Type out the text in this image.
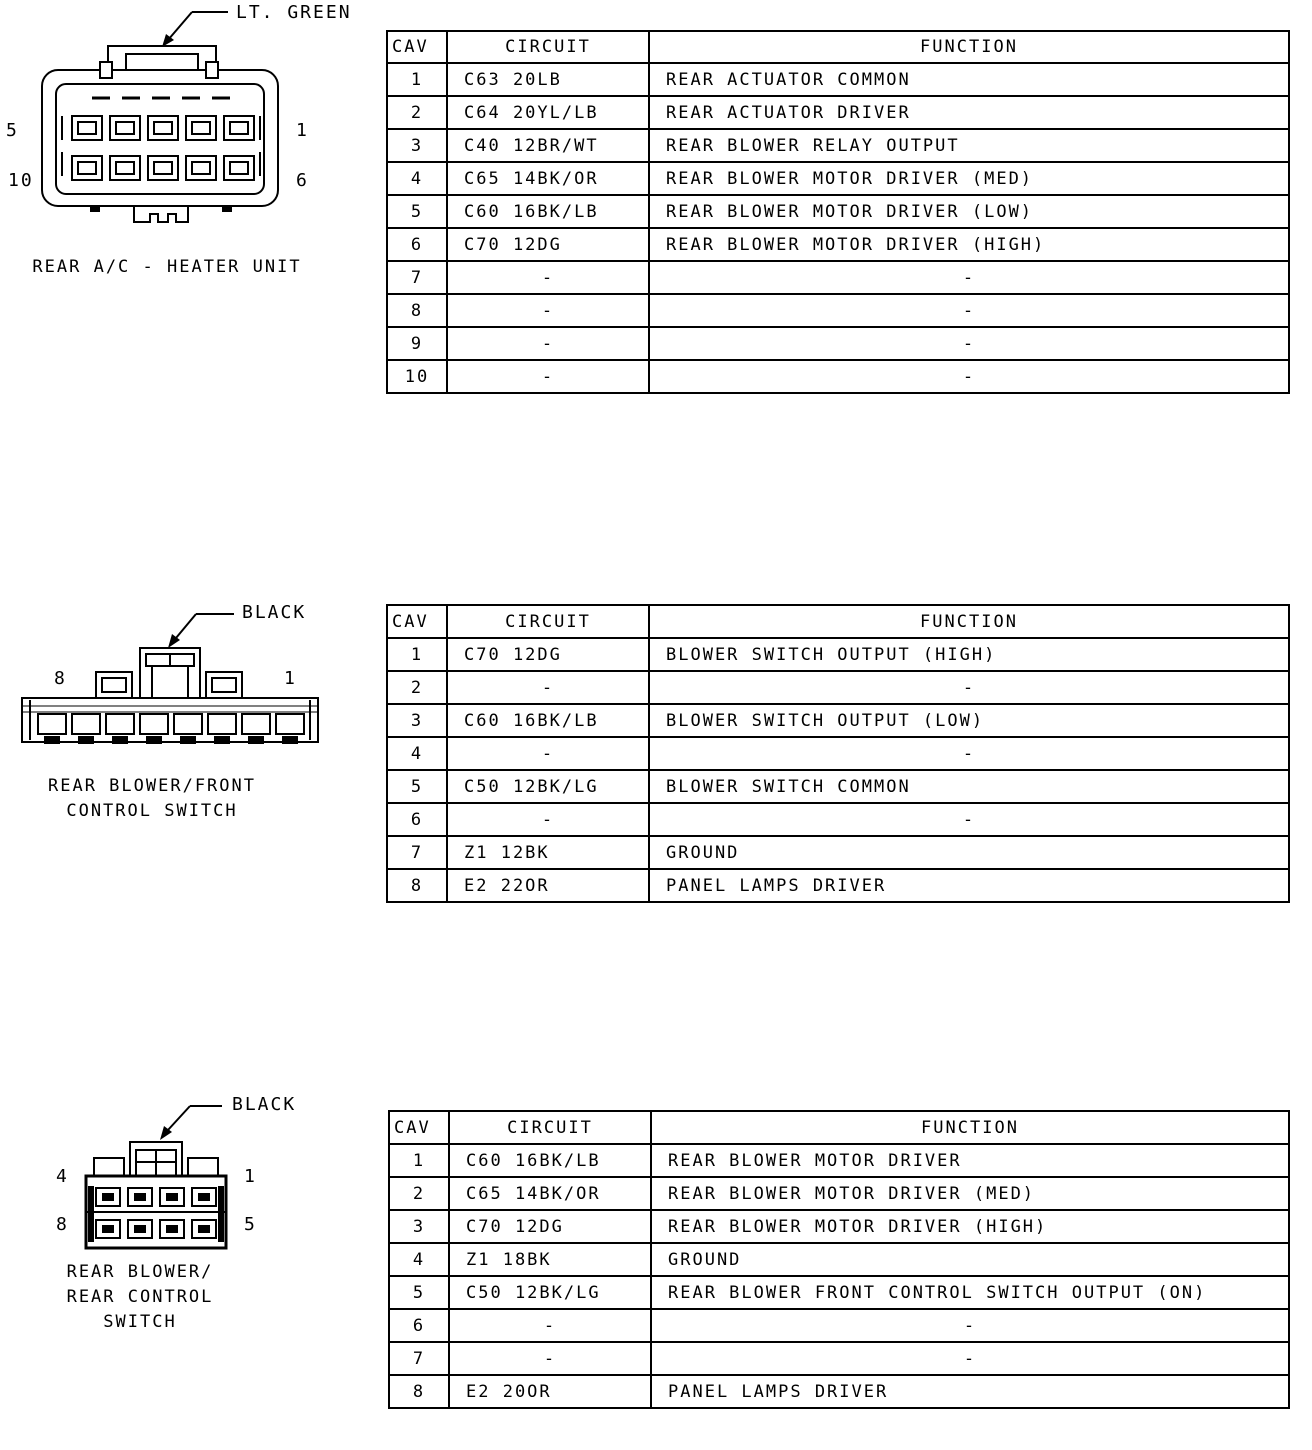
LT. GREEN
5	1
10	6
REAR A/C - HEATER UNIT
CAV	CIRCUIT	FUNCTION
1	C63 20LB	REAR ACTUATOR COMMON
2	C64 20YL/LB	REAR ACTUATOR DRIVER
3	C40 12BR/WT	REAR BLOWER RELAY OUTPUT
4	C65 14BK/OR	REAR BLOWER MOTOR DRIVER (MED)
5	C60 16BK/LB	REAR BLOWER MOTOR DRIVER (LOW)
6	C70 12DG	REAR BLOWER MOTOR DRIVER (HIGH)
7	-	-
8	-	-
9	-	-
10	-	-
BLACK
8	1
REAR BLOWER/FRONT
CONTROL SWITCH
CAV	CIRCUIT	FUNCTION
1	C70 12DG	BLOWER SWITCH OUTPUT (HIGH)
2	-	-
3	C60 16BK/LB	BLOWER SWITCH OUTPUT (LOW)
4	-	-
5	C50 12BK/LG	BLOWER SWITCH COMMON
6	-	-
7	Z1 12BK	GROUND
8	E2 22OR	PANEL LAMPS DRIVER
BLACK
4	1
8	5
REAR BLOWER/
REAR CONTROL
SWITCH
CAV	CIRCUIT	FUNCTION
1	C60 16BK/LB	REAR BLOWER MOTOR DRIVER
2	C65 14BK/OR	REAR BLOWER MOTOR DRIVER (MED)
3	C70 12DG	REAR BLOWER MOTOR DRIVER (HIGH)
4	Z1 18BK	GROUND
5	C50 12BK/LG	REAR BLOWER FRONT CONTROL SWITCH OUTPUT (ON)
6	-	-
7	-	-
8	E2 20OR	PANEL LAMPS DRIVER
